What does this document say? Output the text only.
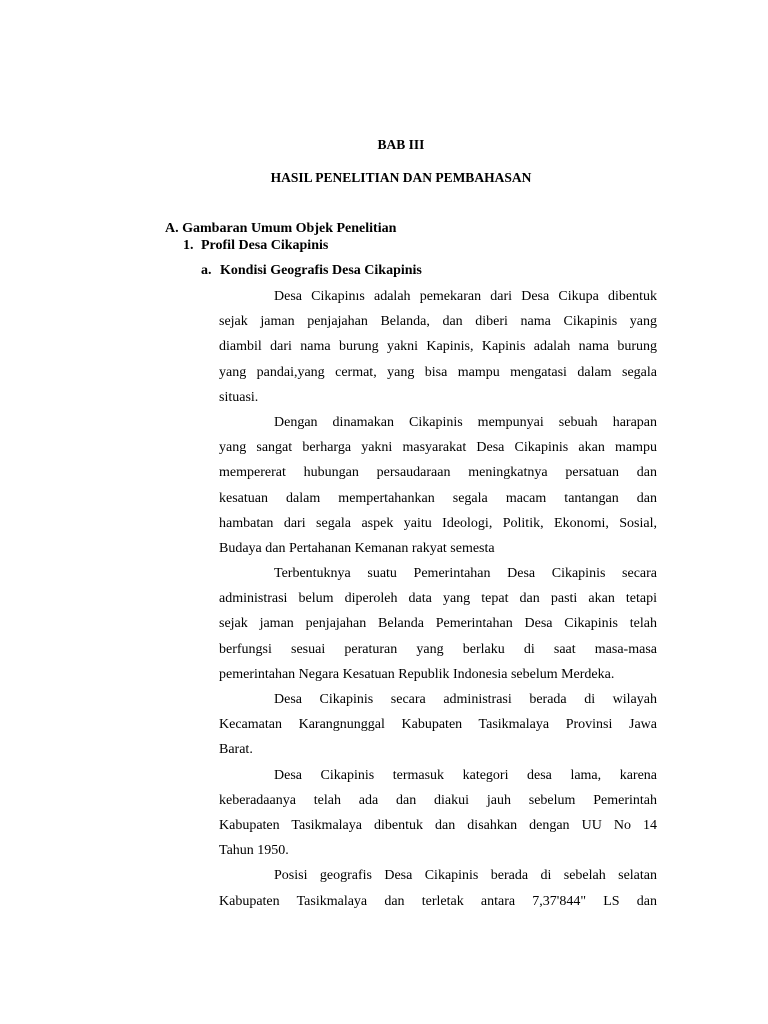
BAB III
HASIL PENELITIAN DAN PEMBAHASAN
A. Gambaran Umum Objek Penelitian
1. Profil Desa Cikapinis
a. Kondisi Geografis Desa Cikapinis
Desa Cikapinıs adalah pemekaran dari Desa Cikupa dibentuk
sejak jaman penjajahan Belanda, dan diberi nama Cikapinis yang
diambil dari nama burung yakni Kapinis, Kapinis adalah nama burung
yang pandai,yang cermat, yang bisa mampu mengatasi dalam segala
situasi.
Dengan dinamakan Cikapinis mempunyai sebuah harapan
yang sangat berharga yakni masyarakat Desa Cikapinis akan mampu
mempererat hubungan persaudaraan meningkatnya persatuan dan
kesatuan dalam mempertahankan segala macam tantangan dan
hambatan dari segala aspek yaitu Ideologi, Politik, Ekonomi, Sosial,
Budaya dan Pertahanan Kemanan rakyat semesta
Terbentuknya suatu Pemerintahan Desa Cikapinis secara
administrasi belum diperoleh data yang tepat dan pasti akan tetapi
sejak jaman penjajahan Belanda Pemerintahan Desa Cikapinis telah
berfungsi sesuai peraturan yang berlaku di saat masa-masa
pemerintahan Negara Kesatuan Republik Indonesia sebelum Merdeka.
Desa Cikapinis secara administrasi berada di wilayah
Kecamatan Karangnunggal Kabupaten Tasikmalaya Provinsi Jawa
Barat.
Desa Cikapinis termasuk kategori desa lama, karena
keberadaanya telah ada dan diakui jauh sebelum Pemerintah
Kabupaten Tasikmalaya dibentuk dan disahkan dengan UU No 14
Tahun 1950.
Posisi geografis Desa Cikapinis berada di sebelah selatan
Kabupaten Tasikmalaya dan terletak antara 7,37'844" LS dan
